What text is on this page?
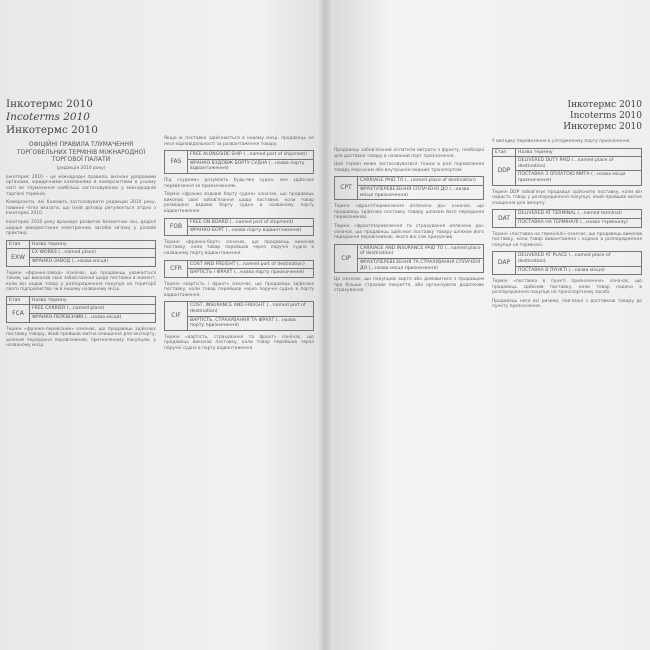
Інкотермс 2010
Incoterms 2010
Инкотермс 2010
ОФІЦІЙНІ ПРАВИЛА ТЛУМАЧЕННЯ ТОРГОВЕЛЬНИХ ТЕРМІНІВ МІЖНАРОДНОЇ ТОРГОВОЇ ПАЛАТИ
(редакція 2010 року)

Інкотермс 2010 – це міжнародні правила, визнані урядовими органами, юридичними компаніями й комерсантами в усьому світі як тлумачення найбільш застосовуваних у міжнародній торгівлі термінів.

Комерсанти, які бажають застосовувати редакцію 2010 року, повинні чітко вказати, що їхній договір регулюється згідно з Інкотермс 2010.

Інкотермс 2010 року враховує розвиток безмитних зон, дедалі ширше використання електронних засобів зв'язку у діловій практиці.

Етап	Назва терміну
EXW	EX WORKS (...named place)
	ФРАНКО-ЗАВОД (...назва місця)

Термін «франко-завод» означає, що продавець уважається таким, що виконав своє зобов'язання щодо поставки в момент, коли він надав товар у розпорядження покупця на території свого підприємства чи в іншому названому місці.

Етап	Назва терміну
FCA	FREE CARRIER (...named place)
	ФРАНКО-ПЕРЕВІЗНИК (...назва місця)

Термін «франко-перевізник» означає, що продавець здійснює поставку товару, який пройшов митне очищення для експорту, шляхом передання перевізникові, призначеному покупцем, у названому місці.

Якщо ж поставка здійснюється в іншому місці, продавець не несе відповідальності за розвантаження товару.

FAS	FREE ALONGSIDE SHIP (...named port of shipment)
ФРАНКО ВЗДОВЖ БОРТУ СУДНА (...назва порту відвантаження)

Під «судном» розуміють будь-яке судно, яке здійснює перевезення за призначенням.

Термін «франко вздовж борту судна» означає, що продавець виконав своє зобов'язання щодо поставки, коли товар розміщено вздовж борту судна в названому порту відвантаження.

FOB	FREE ON BOARD (...named port of shipment)
ФРАНКО-БОРТ (...назва порту відвантаження)

Термін «франко-борт» означає, що продавець виконав поставку, коли товар перейшов через поручні судна в названому порту відвантаження.

CFR	COST AND FREIGHT (...named port of destination)
ВАРТІСТЬ І ФРАХТ (...назва порту призначення)

Термін «вартість і фрахт» означає, що продавець здійснює поставку, коли товар перейшов через поручні судна в порту відвантаження.

CIF	COST, INSURANCE AND FREIGHT (...named port of destination)
ВАРТІСТЬ, СТРАХУВАННЯ ТА ФРАХТ (...назва порту призначення)

Термін «вартість, страхування та фрахт» означає, що продавець виконав поставку, коли товар перейшов через поручні судна в порту відвантаження.

Продавець зобов'язаний оплатити витрати з фрахту, необхідні для доставки товару в названий порт призначення.

Цей термін може застосовуватися тільки в разі перевезення товару морським або внутрішнім водним транспортом.

CPT	CARRIAGE PAID TO (...named place of destination)
ФРАХТ/ПЕРЕВЕЗЕННЯ СПЛАЧЕНО ДО (...назва місця призначення)

Термін «фрахт/перевезення оплачено до» означає, що продавець здійснює поставку товару шляхом його передання перевізникові.

Термін «фрахт/перевезення та страхування оплачено до» означає, що продавець здійснює поставку товару шляхом його передання перевізникові, якого він сам призначив.

CIP	CARRIAGE AND INSURANCE PAID TO (...named place of destination)
ФРАХТ/ПЕРЕВЕЗЕННЯ ТА СТРАХУВАННЯ СПЛАЧЕНІ ДО (...назва місця призначення)

Це означає, що покупцеві варто або домовитися з продавцем про більше страхове покриття, або організувати додаткове страхування.

Інкотермс 2010
Incoterms 2010
Инкотермс 2010

У випадку перевезення в узгодженому порту призначення.

Етап	Назва терміну
DDP	DELIVERED DUTY PAID (...named place of destination)
	ПОСТАВКА З ОПЛАТОЮ МИТА (...назва місця призначення)

Термін DDP зобов'язує продавця здійснити поставку, коли він надасть товар у розпорядження покупця, який пройшов митне очищення для імпорту.

DAT	DELIVERED AT TERMINAL (...named terminal)
ПОСТАВКА НА ТЕРМІНАЛІ (...назва терміналу)

Термін «поставка на терміналі» означає, що продавець виконав поставку, коли товар вивантажено і надано в розпорядження покупця на терміналі.

DAP	DELIVERED AT PLACE (...named place of destination)
ПОСТАВКА В ПУНКТІ (...назва місця)

Термін «поставка в пункті призначення» означає, що продавець здійснив поставку, коли товар надано в розпорядження покупця на транспортному засобі.

Продавець несе всі ризики, пов'язані з доставкою товару до пункту призначення.
